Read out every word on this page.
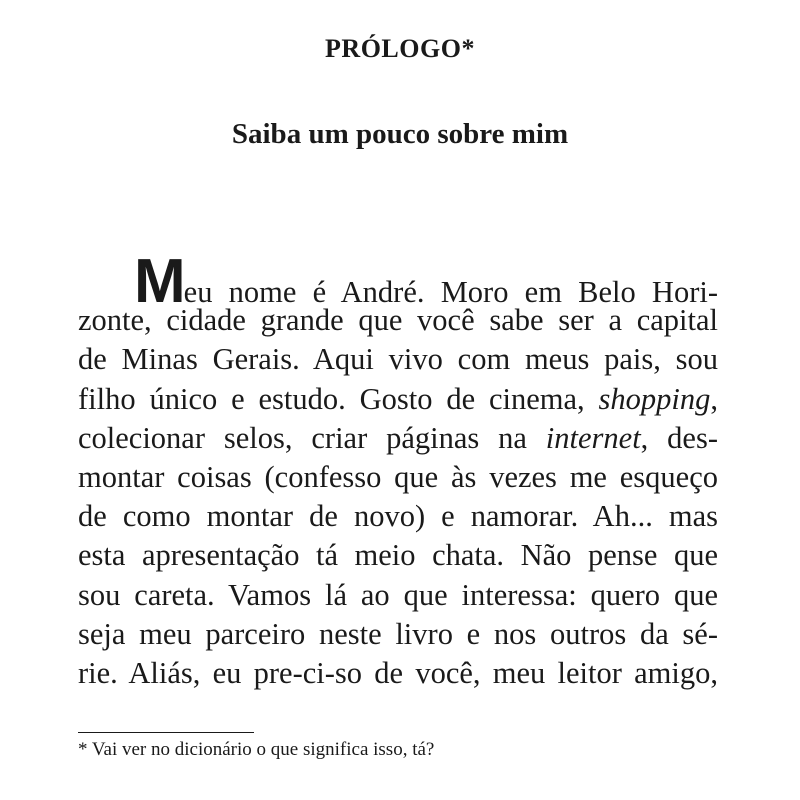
PRÓLOGO*
Saiba um pouco sobre mim
Meu nome é André. Moro em Belo Hori-
zonte, cidade grande que você sabe ser a capital
de Minas Gerais. Aqui vivo com meus pais, sou
filho único e estudo. Gosto de cinema, shopping,
colecionar selos, criar páginas na internet, des-
montar coisas (confesso que às vezes me esqueço
de como montar de novo) e namorar. Ah... mas
esta apresentação tá meio chata. Não pense que
sou careta. Vamos lá ao que interessa: quero que
seja meu parceiro neste livro e nos outros da sé-
rie. Aliás, eu pre-ci-so de você, meu leitor amigo,
* Vai ver no dicionário o que significa isso, tá?
